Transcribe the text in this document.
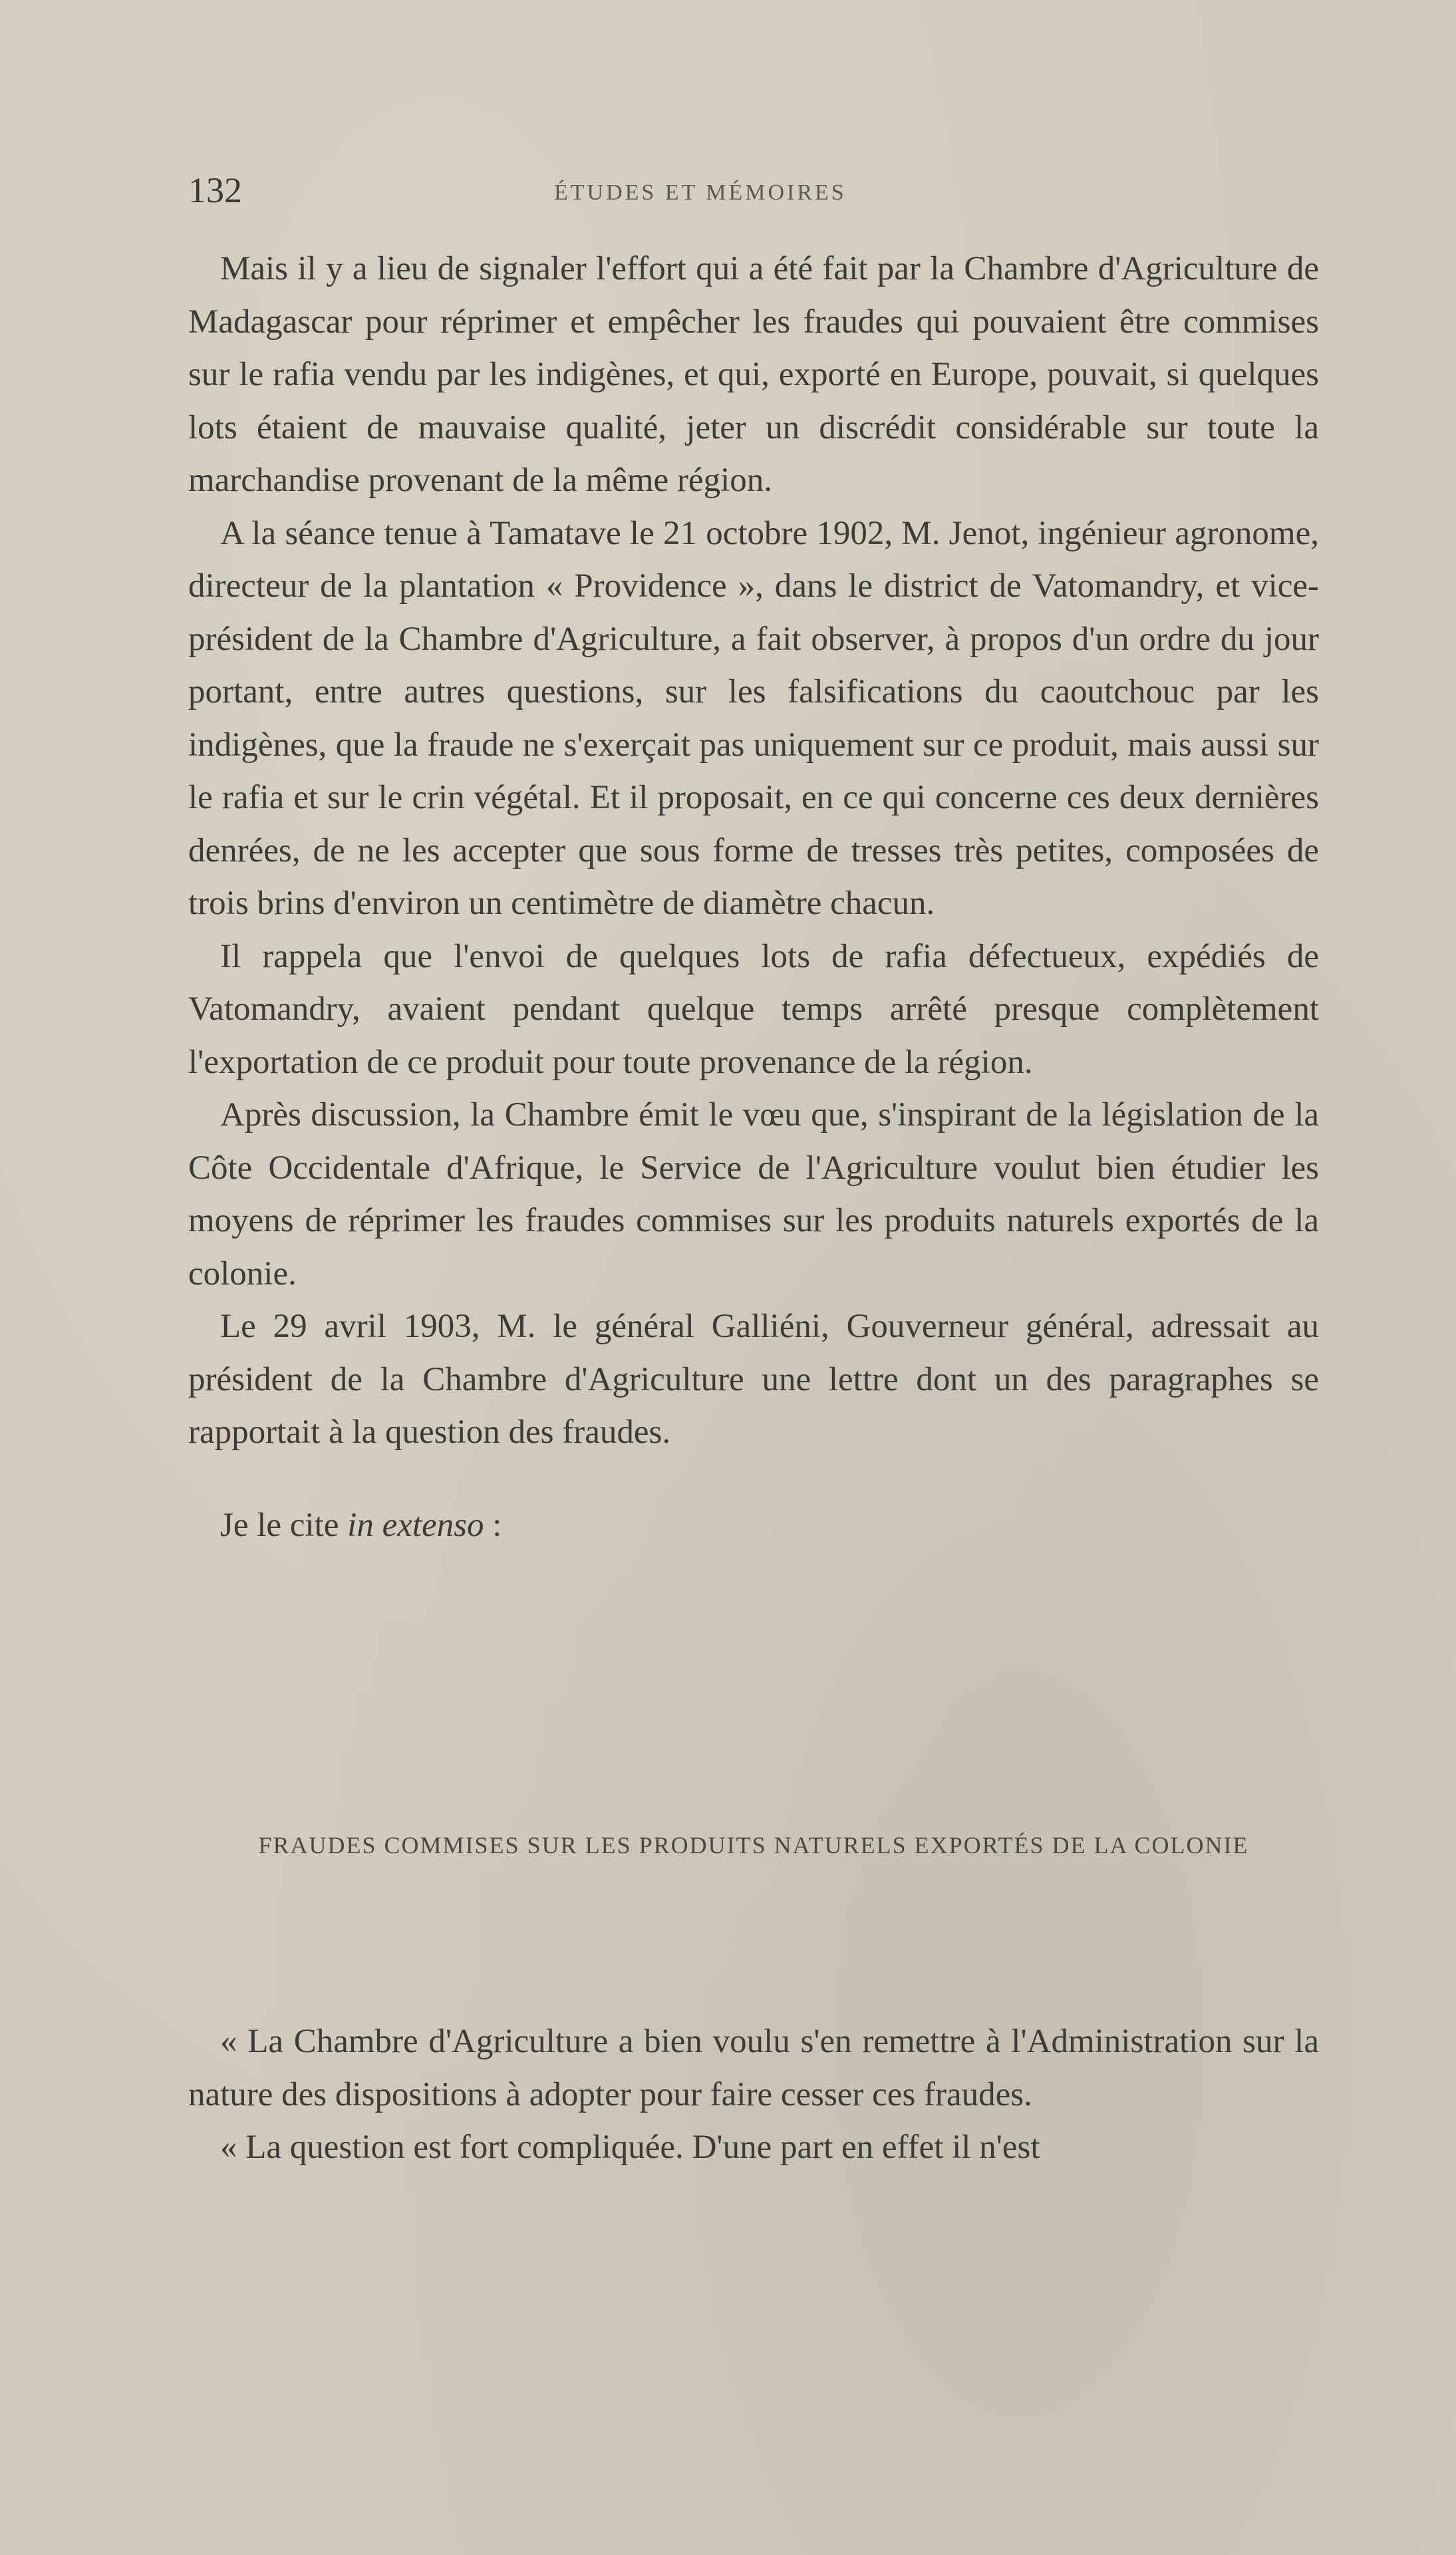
132	ÉTUDES ET MÉMOIRES

Mais il y a lieu de signaler l'effort qui a été fait par la Chambre d'Agriculture de Madagascar pour réprimer et empêcher les fraudes qui pouvaient être commises sur le rafia vendu par les indigènes, et qui, exporté en Europe, pouvait, si quelques lots étaient de mauvaise qualité, jeter un discrédit considérable sur toute la marchandise provenant de la même région.

A la séance tenue à Tamatave le 21 octobre 1902, M. Jenot, ingénieur agronome, directeur de la plantation « Providence », dans le district de Vatomandry, et vice-président de la Chambre d'Agriculture, a fait observer, à propos d'un ordre du jour portant, entre autres questions, sur les falsifications du caoutchouc par les indigènes, que la fraude ne s'exerçait pas uniquement sur ce produit, mais aussi sur le rafia et sur le crin végétal. Et il proposait, en ce qui concerne ces deux dernières denrées, de ne les accepter que sous forme de tresses très petites, composées de trois brins d'environ un centimètre de diamètre chacun.

Il rappela que l'envoi de quelques lots de rafia défectueux, expédiés de Vatomandry, avaient pendant quelque temps arrêté presque complètement l'exportation de ce produit pour toute provenance de la région.

Après discussion, la Chambre émit le vœu que, s'inspirant de la législation de la Côte Occidentale d'Afrique, le Service de l'Agriculture voulut bien étudier les moyens de réprimer les fraudes commises sur les produits naturels exportés de la colonie.

Le 29 avril 1903, M. le général Galliéni, Gouverneur général, adressait au président de la Chambre d'Agriculture une lettre dont un des paragraphes se rapportait à la question des fraudes.

Je le cite in extenso :

FRAUDES COMMISES SUR LES PRODUITS NATURELS EXPORTÉS DE LA COLONIE

« La Chambre d'Agriculture a bien voulu s'en remettre à l'Administration sur la nature des dispositions à adopter pour faire cesser ces fraudes.

« La question est fort compliquée. D'une part en effet il n'est
